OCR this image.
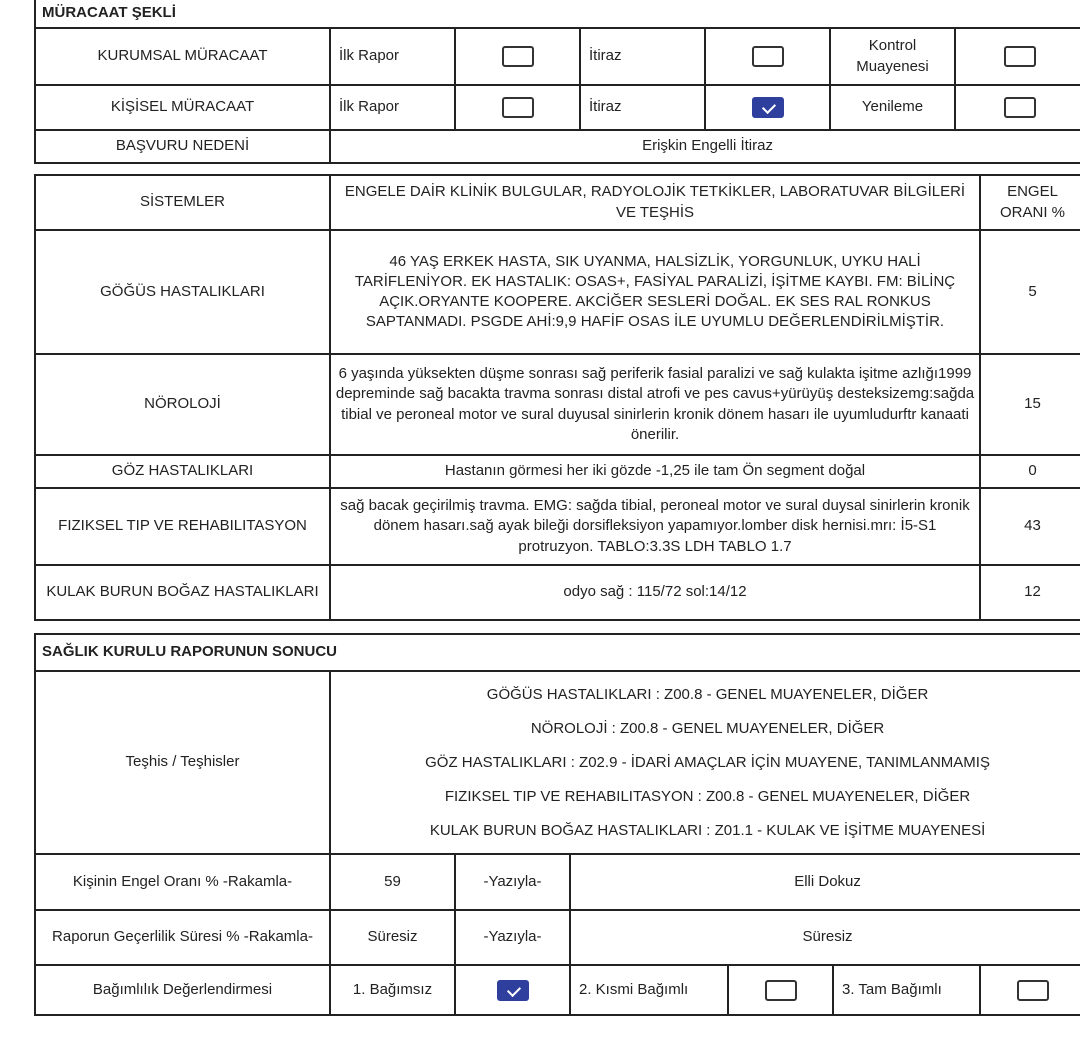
MÜRACAAT ŞEKLİ						
KURUMSAL MÜRACAAT	İlk Rapor		İtiraz		Kontrol Muayenesi	
KİŞİSEL MÜRACAAT	İlk Rapor		İtiraz		Yenileme	
BAŞVURU NEDENİ	Erişkin Engelli İtiraz					
SİSTEMLER	ENGELE DAİR KLİNİK BULGULAR, RADYOLOJİK TETKİKLER, LABORATUVAR BİLGİLERİ VE TEŞHİS	ENGEL ORANI %
GÖĞÜS HASTALIKLARI	46 YAŞ ERKEK HASTA, SIK UYANMA, HALSİZLİK, YORGUNLUK, UYKU HALİ TARİFLENİYOR. EK HASTALIK: OSAS+, FASİYAL PARALİZİ, İŞİTME KAYBI. FM: BİLİNÇ AÇIK.ORYANTE KOOPERE. AKCİĞER SESLERİ DOĞAL. EK SES RAL RONKUS SAPTANMADI. PSGDE AHİ:9,9 HAFİF OSAS İLE UYUMLU DEĞERLENDİRİLMİŞTİR.	5
NÖROLOJİ	6 yaşında yüksekten düşme sonrası sağ periferik fasial paralizi ve sağ kulakta işitme azlığı1999 depreminde sağ bacakta travma sonrası distal atrofi ve pes cavus+yürüyüş desteksizemg:sağda tibial ve peroneal motor ve sural duyusal sinirlerin kronik dönem hasarı ile uyumludurftr kanaati önerilir.	15
GÖZ HASTALIKLARI	Hastanın görmesi her iki gözde -1,25 ile tam Ön segment doğal	0
FIZIKSEL TIP VE REHABILITASYON	sağ bacak geçirilmiş travma. EMG: sağda tibial, peroneal motor ve sural duysal sinirlerin kronik dönem hasarı.sağ ayak bileği dorsifleksiyon yapamıyor.lomber disk hernisi.mrı: İ5-S1 protruzyon. TABLO:3.3S LDH TABLO 1.7	43
KULAK BURUN BOĞAZ HASTALIKLARI	odyo sağ : 115/72 sol:14/12	12
SAĞLIK KURULU RAPORUNUN SONUCU						
Teşhis / Teşhisler	GÖĞÜS HASTALIKLARI : Z00.8 - GENEL MUAYENELER, DİĞER

NÖROLOJİ : Z00.8 - GENEL MUAYENELER, DİĞER

GÖZ HASTALIKLARI : Z02.9 - İDARİ AMAÇLAR İÇİN MUAYENE, TANIMLANMAMIŞ

FIZIKSEL TIP VE REHABILITASYON : Z00.8 - GENEL MUAYENELER, DİĞER

KULAK BURUN BOĞAZ HASTALIKLARI : Z01.1 - KULAK VE İŞİTME MUAYENESİ					

Kişinin Engel Oranı % -Rakamla-	59	-Yazıyla-	Elli Dokuz			
Raporun Geçerlilik Süresi % -Rakamla-	Süresiz	-Yazıyla-	Süresiz			
Bağımlılık Değerlendirmesi	1. Bağımsız		2. Kısmi Bağımlı		3. Tam Bağımlı	
